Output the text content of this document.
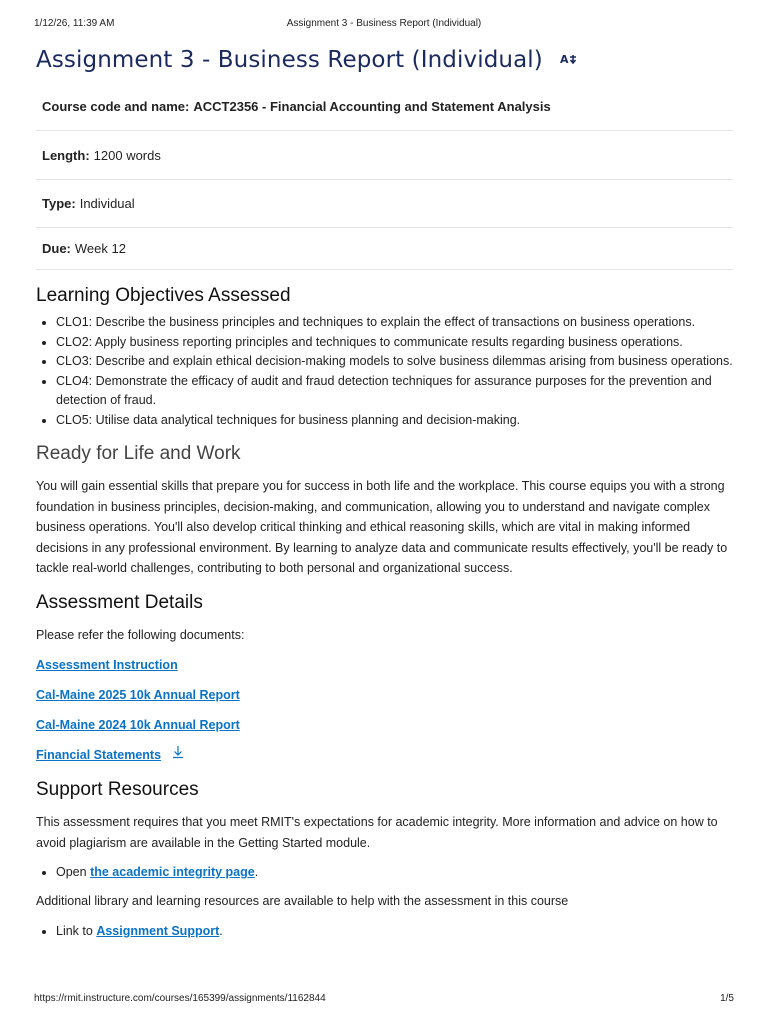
1/12/26, 11:39 AM	Assignment 3 - Business Report (Individual)
Assignment 3 - Business Report (Individual) A
Course code and name: ACCT2356 - Financial Accounting and Statement Analysis
Length: 1200 words
Type: Individual
Due: Week 12
Learning Objectives Assessed
• CLO1: Describe the business principles and techniques to explain the effect of transactions on business operations.
• CLO2: Apply business reporting principles and techniques to communicate results regarding business operations.
• CLO3: Describe and explain ethical decision-making models to solve business dilemmas arising from business operations.
• CLO4: Demonstrate the efficacy of audit and fraud detection techniques for assurance purposes for the prevention and detection of fraud.
• CLO5: Utilise data analytical techniques for business planning and decision-making.
Ready for Life and Work

You will gain essential skills that prepare you for success in both life and the workplace. This course equips you with a strong foundation in business principles, decision-making, and communication, allowing you to understand and navigate complex business operations. You'll also develop critical thinking and ethical reasoning skills, which are vital in making informed decisions in any professional environment. By learning to analyze data and communicate results effectively, you'll be ready to tackle real-world challenges, contributing to both personal and organizational success.

Assessment Details

Please refer the following documents:

Assessment Instruction
Cal-Maine 2025 10k Annual Report
Cal-Maine 2024 10k Annual Report
Financial Statements
Support Resources

This assessment requires that you meet RMIT's expectations for academic integrity. More information and advice on how to avoid plagiarism are available in the Getting Started module.

• Open the academic integrity page.

Additional library and learning resources are available to help with the assessment in this course

• Link to Assignment Support.
https://rmit.instructure.com/courses/165399/assignments/1162844	1/5
